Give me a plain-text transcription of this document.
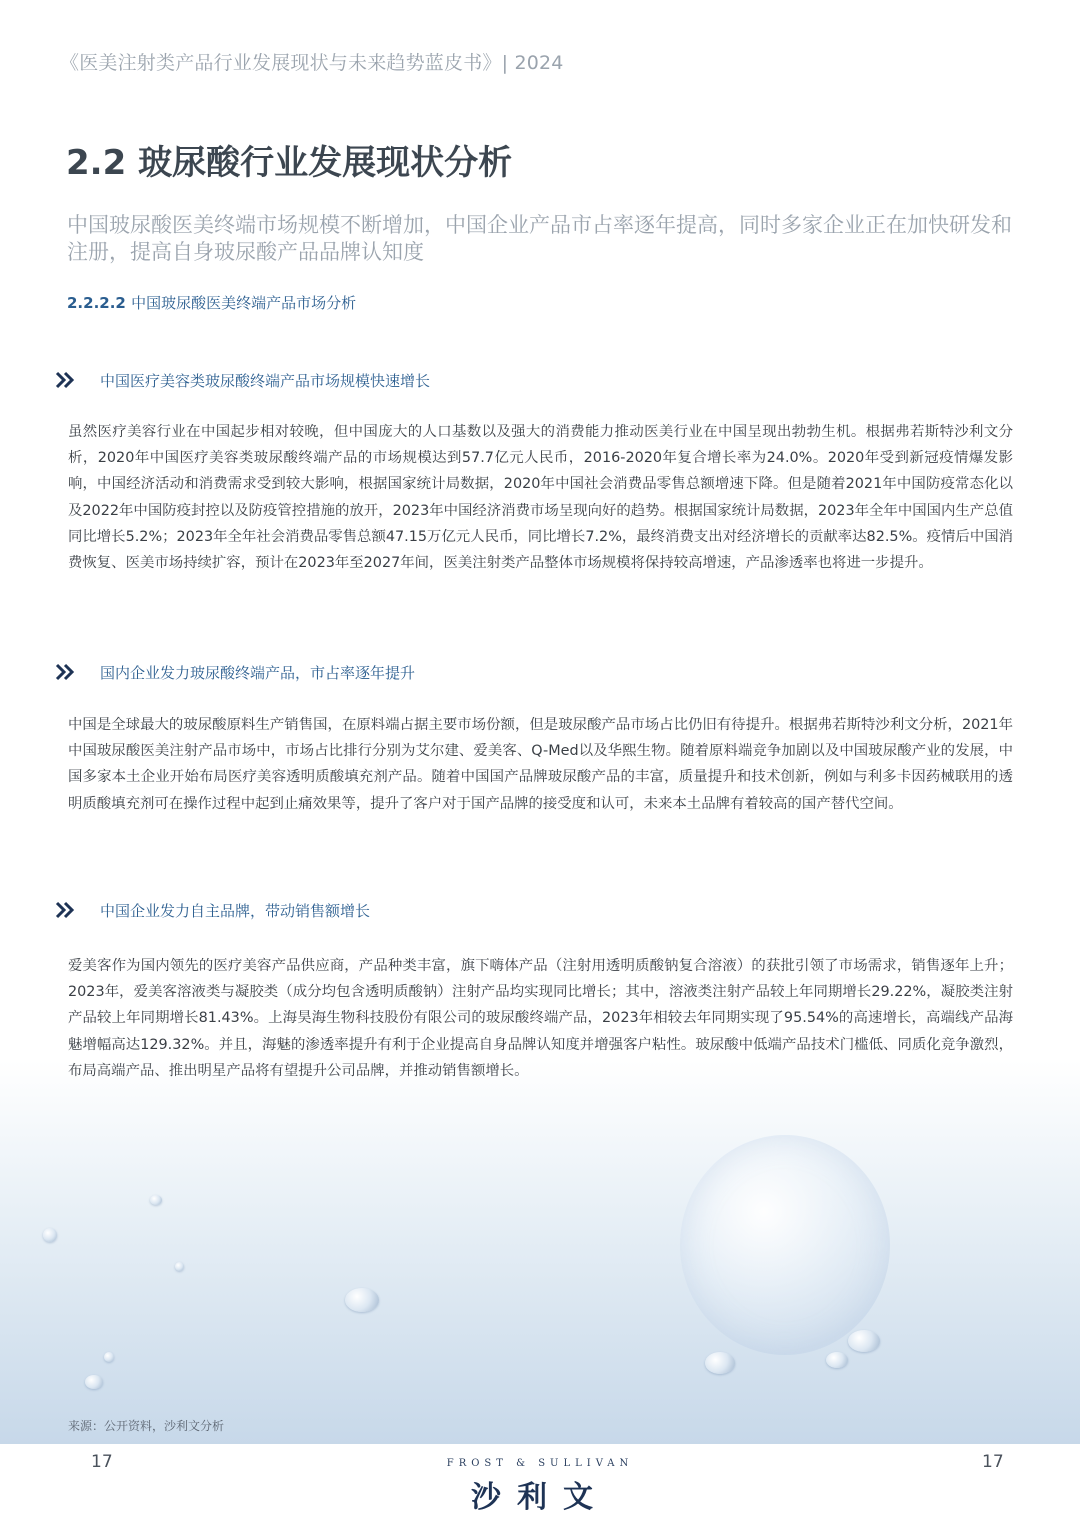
《医美注射类产品行业发展现状与未来趋势蓝皮书》| 2024
2.2 玻尿酸行业发展现状分析
中国玻尿酸医美终端市场规模不断增加，中国企业产品市占率逐年提高，同时多家企业正在加快研发和注册，提高自身玻尿酸产品品牌认知度
2.2.2.2 中国玻尿酸医美终端产品市场分析
中国医疗美容类玻尿酸终端产品市场规模快速增长

虽然医疗美容行业在中国起步相对较晚，但中国庞大的人口基数以及强大的消费能力推动医美行业在中国呈现出勃勃生机。根据弗若斯特沙利文分析，2020年中国医疗美容类玻尿酸终端产品的市场规模达到57.7亿元人民币，2016-2020年复合增长率为24.0%。2020年受到新冠疫情爆发影响，中国经济活动和消费需求受到较大影响，根据国家统计局数据，2020年中国社会消费品零售总额增速下降。但是随着2021年中国防疫常态化以及2022年中国防疫封控以及防疫管控措施的放开，2023年中国经济消费市场呈现向好的趋势。根据国家统计局数据，2023年全年中国国内生产总值同比增长5.2%；2023年全年社会消费品零售总额47.15万亿元人民币，同比增长7.2%，最终消费支出对经济增长的贡献率达82.5%。疫情后中国消费恢复、医美市场持续扩容，预计在2023年至2027年间，医美注射类产品整体市场规模将保持较高增速，产品渗透率也将进一步提升。

国内企业发力玻尿酸终端产品，市占率逐年提升

中国是全球最大的玻尿酸原料生产销售国，在原料端占据主要市场份额，但是玻尿酸产品市场占比仍旧有待提升。根据弗若斯特沙利文分析，2021年中国玻尿酸医美注射产品市场中，市场占比排行分别为艾尔建、爱美客、Q-Med以及华熙生物。随着原料端竞争加剧以及中国玻尿酸产业的发展，中国多家本土企业开始布局医疗美容透明质酸填充剂产品。随着中国国产品牌玻尿酸产品的丰富，质量提升和技术创新，例如与利多卡因药械联用的透明质酸填充剂可在操作过程中起到止痛效果等，提升了客户对于国产品牌的接受度和认可，未来本土品牌有着较高的国产替代空间。

中国企业发力自主品牌，带动销售额增长

爱美客作为国内领先的医疗美容产品供应商，产品种类丰富，旗下嗨体产品（注射用透明质酸钠复合溶液）的获批引领了市场需求，销售逐年上升；2023年，爱美客溶液类与凝胶类（成分均包含透明质酸钠）注射产品均实现同比增长；其中，溶液类注射产品较上年同期增长29.22%，凝胶类注射产品较上年同期增长81.43%。上海昊海生物科技股份有限公司的玻尿酸终端产品，2023年相较去年同期实现了95.54%的高速增长，高端线产品海魅增幅高达129.32%。并且，海魅的渗透率提升有利于企业提高自身品牌认知度并增强客户粘性。玻尿酸中低端产品技术门槛低、同质化竞争激烈，布局高端产品、推出明星产品将有望提升公司品牌，并推动销售额增长。

来源：公开资料，沙利文分析
17	17
FROST & SULLIVAN
沙利文
